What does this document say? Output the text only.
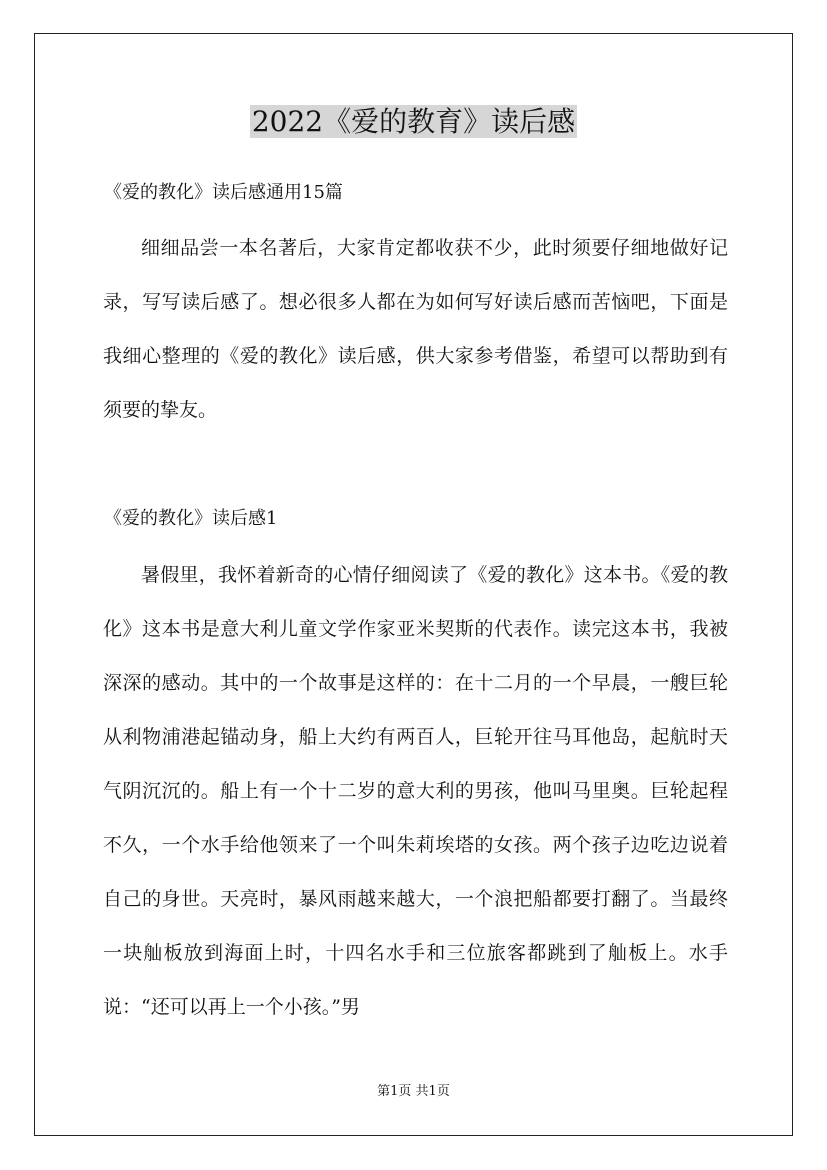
2022《爱的教育》读后感
《爱的教化》读后感通用15篇

细细品尝一本名著后，大家肯定都收获不少，此时须要仔细地做好记录，写写读后感了。想必很多人都在为如何写好读后感而苦恼吧，下面是我细心整理的《爱的教化》读后感，供大家参考借鉴，希望可以帮助到有须要的挚友。

《爱的教化》读后感1

暑假里，我怀着新奇的心情仔细阅读了《爱的教化》这本书。《爱的教化》这本书是意大利儿童文学作家亚米契斯的代表作。读完这本书，我被深深的感动。其中的一个故事是这样的：在十二月的一个早晨，一艘巨轮从利物浦港起锚动身，船上大约有两百人，巨轮开往马耳他岛，起航时天气阴沉沉的。船上有一个十二岁的意大利的男孩，他叫马里奥。巨轮起程不久，一个水手给他领来了一个叫朱莉埃塔的女孩。两个孩子边吃边说着自己的身世。天亮时，暴风雨越来越大，一个浪把船都要打翻了。当最终一块舢板放到海面上时，十四名水手和三位旅客都跳到了舢板上。水手说：“还可以再上一个小孩。”男

第1页 共1页
